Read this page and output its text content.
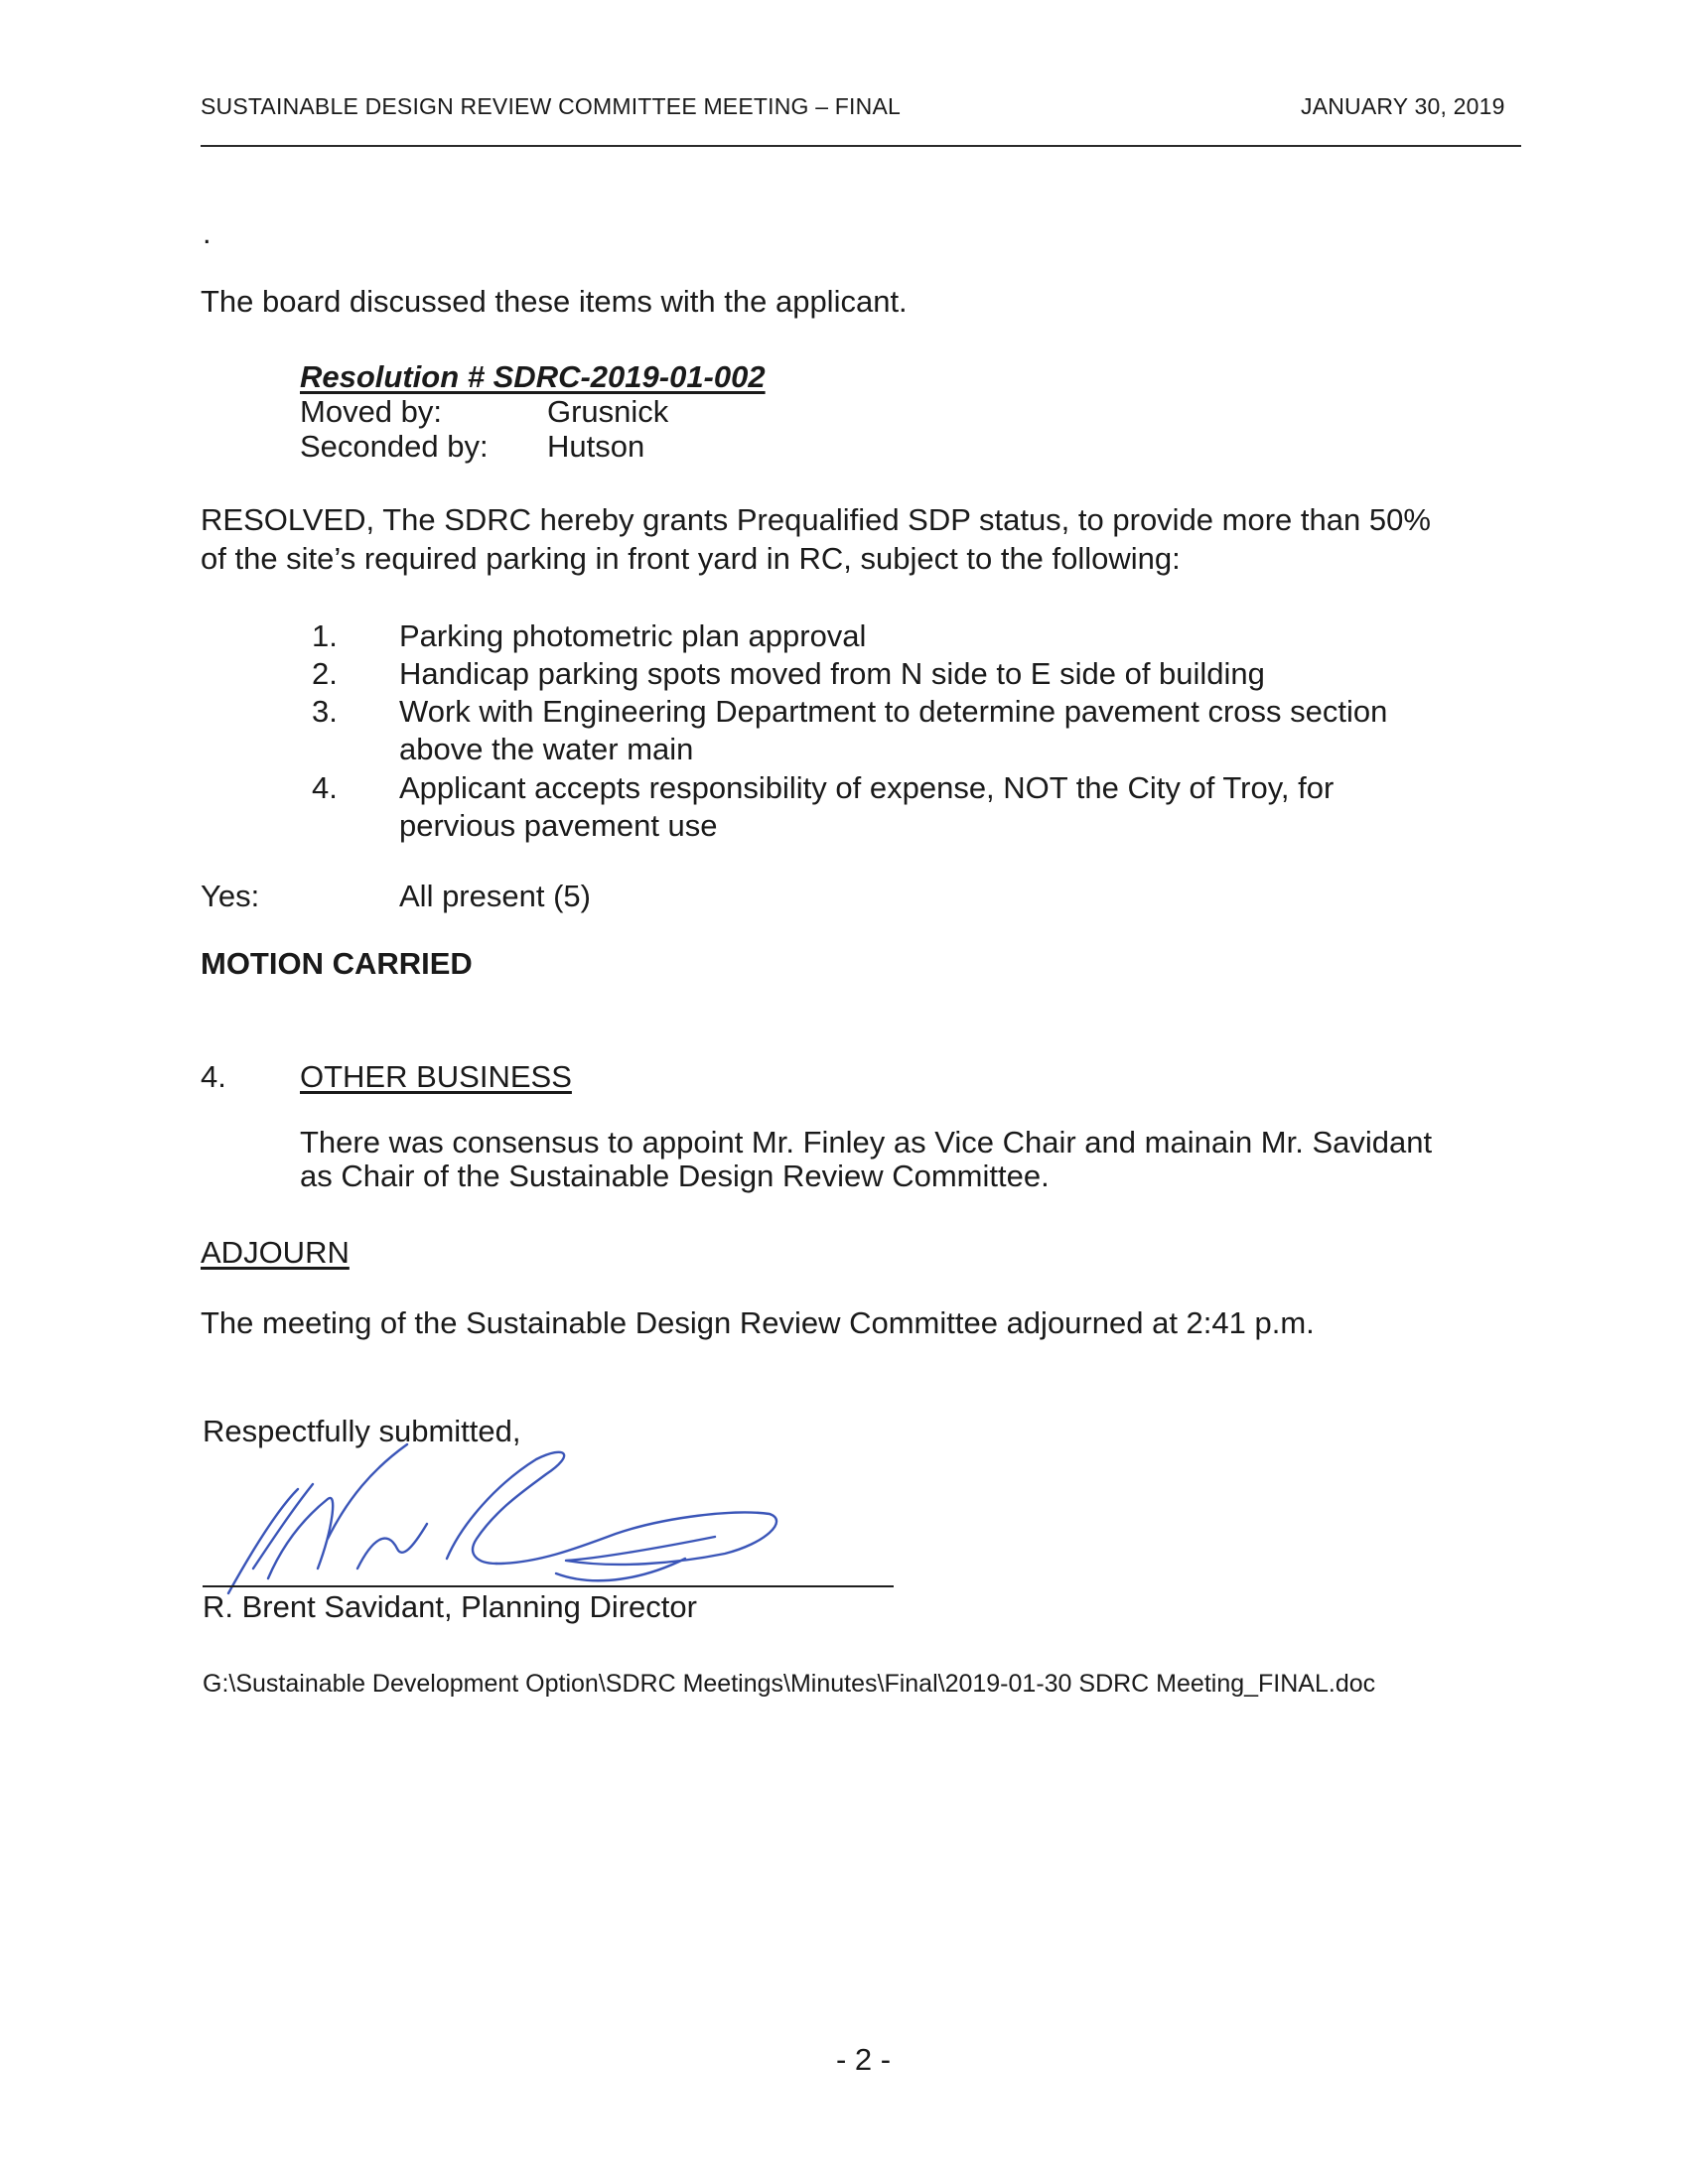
SUSTAINABLE DESIGN REVIEW COMMITTEE MEETING – FINAL	JANUARY 30, 2019
.
The board discussed these items with the applicant.
Resolution # SDRC-2019-01-002
Moved by:	Grusnick
Seconded by: Hutson
RESOLVED, The SDRC hereby grants Prequalified SDP status, to provide more than 50%
of the site’s required parking in front yard in RC, subject to the following:
1. Parking photometric plan approval
2. Handicap parking spots moved from N side to E side of building
3. Work with Engineering Department to determine pavement cross section
above the water main
4. Applicant accepts responsibility of expense, NOT the City of Troy, for
pervious pavement use
Yes:	All present (5)
MOTION CARRIED
4. OTHER BUSINESS
There was consensus to appoint Mr. Finley as Vice Chair and mainain Mr. Savidant
as Chair of the Sustainable Design Review Committee.
ADJOURN
The meeting of the Sustainable Design Review Committee adjourned at 2:41 p.m.
Respectfully submitted,
R. Brent Savidant, Planning Director
G:\Sustainable Development Option\SDRC Meetings\Minutes\Final\2019-01-30 SDRC Meeting_FINAL.doc
- 2 -
